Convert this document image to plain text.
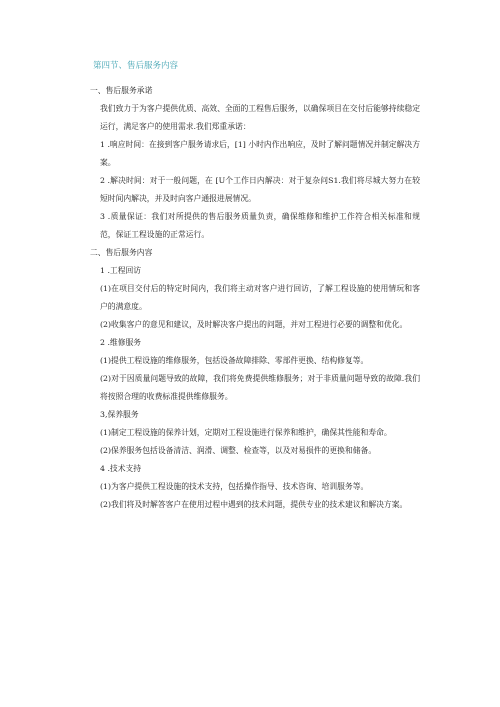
第四节、售后服务内容

一、售后服务承诺

我们致力于为客户提供优质、高效、全面的工程售后服务，以确保项目在交付后能够持续稳定运行，满足客户的使用需求.我们郑重承诺：

1 .响应时间：在接到客户服务请求后，[1] 小时内作出响应，及时了解问题情况并制定解决方案。

2 .解决时间：对于一般问题，在 [U个工作日内解决：对于复杂问S1.我们将尽城大努力在较短时间内解决，并及时向客户通报进展情况。

3 .质量保证：我们对所提供的售后服务质量负责，确保维修和维护工作符合相关标准和规范，保证工程设施的正常运行。

二、售后服务内容

1 .工程回访

(1)在项目交付后的特定时间内，我们将主动对客户进行回访，了解工程设施的使用情玩和客户的满意度。

(2)收集客户的意见和建议，及时解决客户提出的问题，并对工程进行必要的调整和优化。

2 .维修服务

(1)提供工程设施的维修服务，包括设备故障排除、零部件更换、结构修复等。

(2)对于因质量问题导致的故障，我们将免费提供维修服务；对于非质量问题导致的故障.我们将按照合理的收费标准提供维修服务。

3,保养服务

(1)制定工程设施的保养计划，定期对工程设施进行保养和维护，确保其性能和寿命。

(2)保养服务包括设备清洁、润滑、调整、检查等，以及对易损件的更换和储备。

4 .技术支持

(1)为客户提供工程设施的技术支持，包括操作指导、技术咨询、培训服务等。

(2)我们将及时解答客户在使用过程中遇到的技术问题，提供专业的技术建议和解决方案。
